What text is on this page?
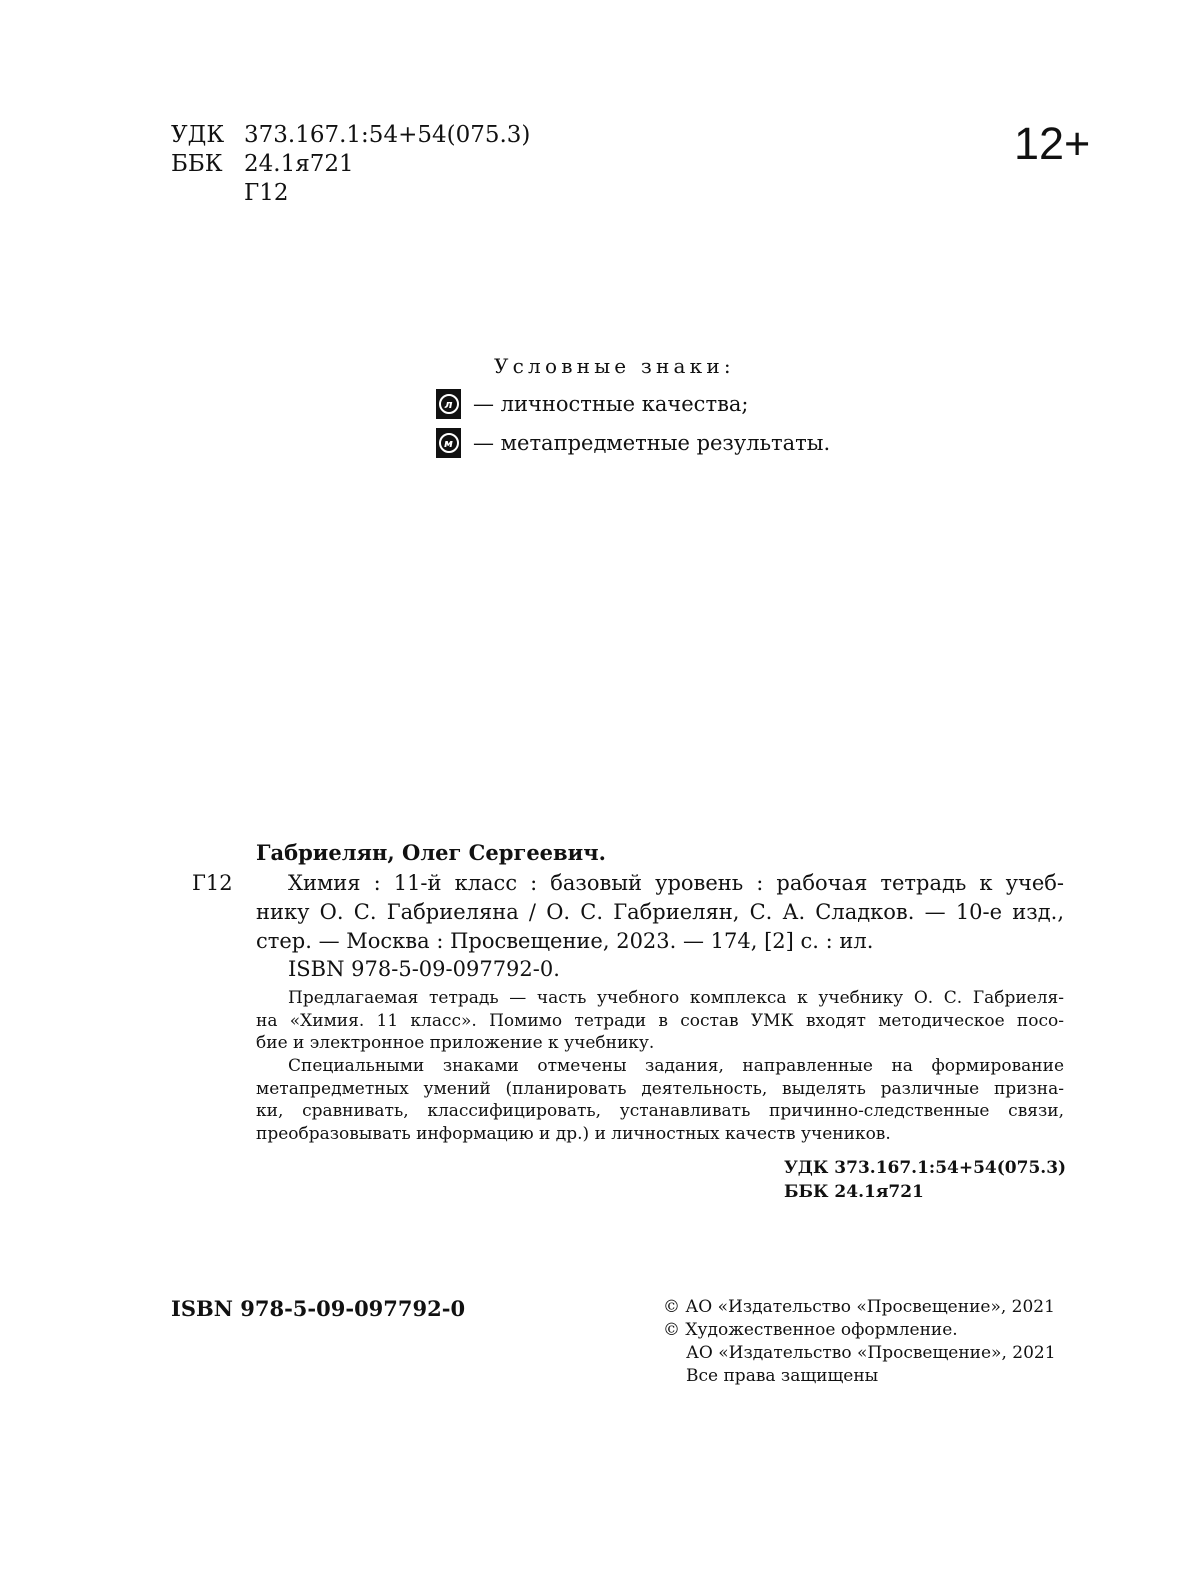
УДК 373.167.1:54+54(075.3)
ББК 24.1я721
Г12
12+
Условные знаки:
л — личностные качества;
м — метапредметные результаты.
Габриелян, Олег Сергеевич.
Г12	Химия : 11-й класс : базовый уровень : рабочая тетрадь к учеб-
нику О. С. Габриеляна / О. С. Габриелян, С. А. Сладков. — 10-е изд.,
стер. — Москва : Просвещение, 2023. — 174, [2] с. : ил.
ISBN 978-5-09-097792-0.
Предлагаемая тетрадь — часть учебного комплекса к учебнику О. С. Габриеля-
на «Химия. 11 класс». Помимо тетради в состав УМК входят методическое посо-
бие и электронное приложение к учебнику.
Специальными знаками отмечены задания, направленные на формирование
метапредметных умений (планировать деятельность, выделять различные призна-
ки, сравнивать, классифицировать, устанавливать причинно-следственные связи,
преобразовывать информацию и др.) и личностных качеств учеников.
УДК 373.167.1:54+54(075.3)
ББК 24.1я721
ISBN 978-5-09-097792-0	© АО «Издательство «Просвещение», 2021
© Художественное оформление.
АО «Издательство «Просвещение», 2021
Все права защищены
